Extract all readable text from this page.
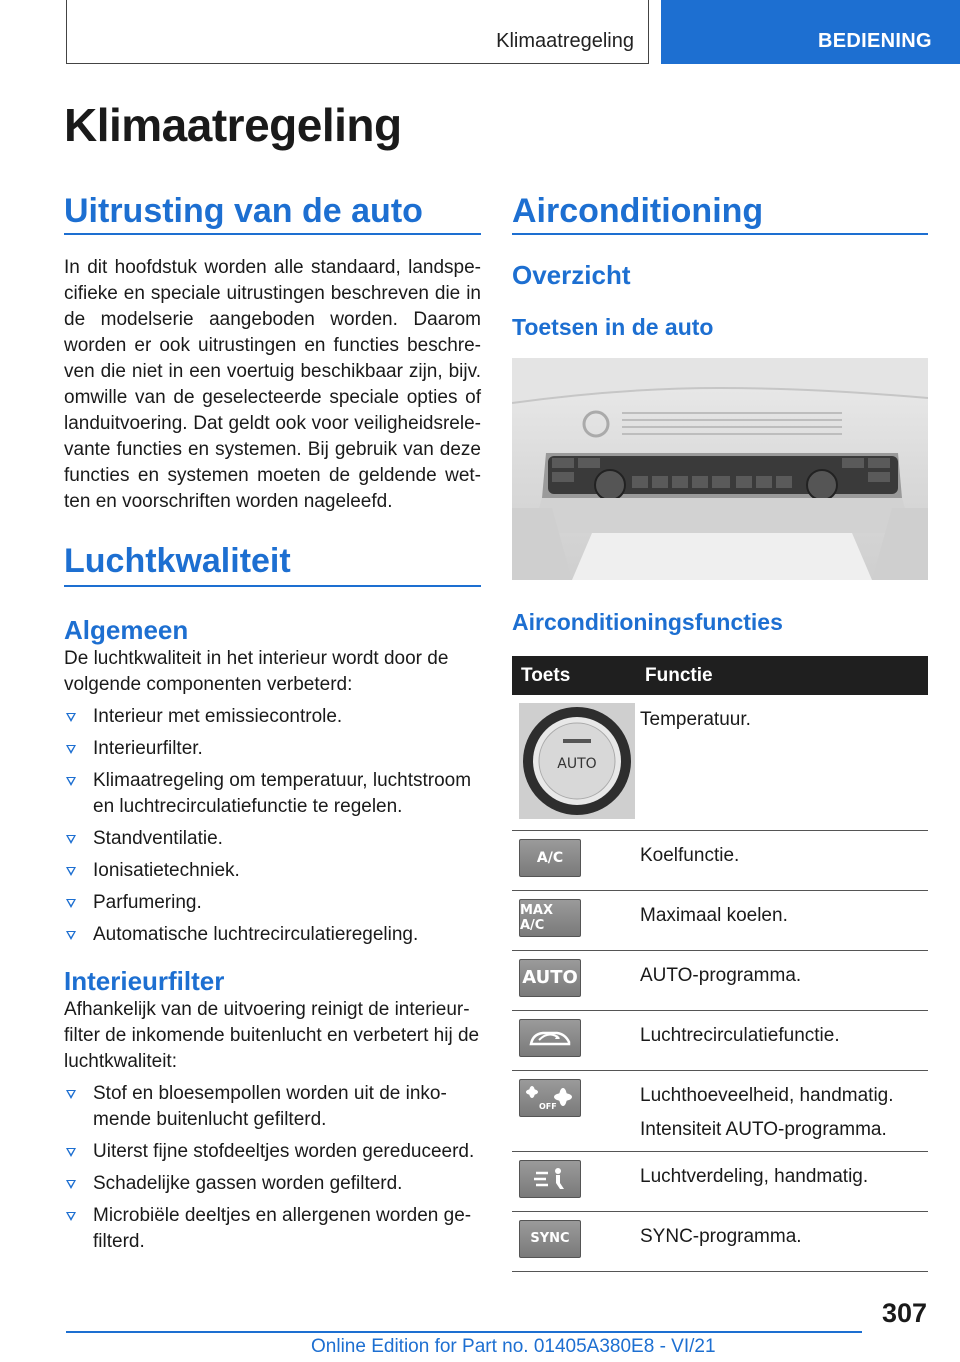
Klimaatregeling	BEDIENING
Klimaatregeling
Uitrusting van de auto

In dit hoofdstuk worden alle standaard, landspe-cifieke en speciale uitrustingen beschreven die in de modelserie aangeboden worden. Daarom worden er ook uitrustingen en functies beschre-ven die niet in een voertuig beschikbaar zijn, bijv. omwille van de geselecteerde speciale opties of landuitvoering. Dat geldt ook voor veiligheidsrele-vante functies en systemen. Bij gebruik van deze functies en systemen moeten de geldende wet-ten en voorschriften worden nageleefd.

Luchtkwaliteit
Algemeen

De luchtkwaliteit in het interieur wordt door de volgende componenten verbeterd:

Interieur met emissiecontrole.
Interieurfilter.
Klimaatregeling om temperatuur, luchtstroom en luchtrecirculatiefunctie te regelen.
Standventilatie.
Ionisatietechniek.
Parfumering.
Automatische luchtrecirculatieregeling.
Interieurfilter

Afhankelijk van de uitvoering reinigt de interieur-filter de inkomende buitenlucht en verbetert hij de luchtkwaliteit:

Stof en bloesempollen worden uit de inko-mende buitenlucht gefilterd.
Uiterst fijne stofdeeltjes worden gereduceerd.
Schadelijke gassen worden gefilterd.
Microbiële deeltjes en allergenen worden ge-filterd.
Airconditioning
Overzicht
Toetsen in de auto
Airconditioningsfuncties
Toets	Functie

AUTO	Temperatuur.

A/C	Koelfunctie.

MAX A/C	Maximaal koelen.

AUTO	AUTO-programma.

Luchtrecirculatiefunctie.

OFF	Luchthoeveelheid, handmatig.
Intensiteit AUTO-programma.

Luchtverdeling, handmatig.

SYNC	SYNC-programma.
307
Online Edition for Part no. 01405A380E8 - VI/21
